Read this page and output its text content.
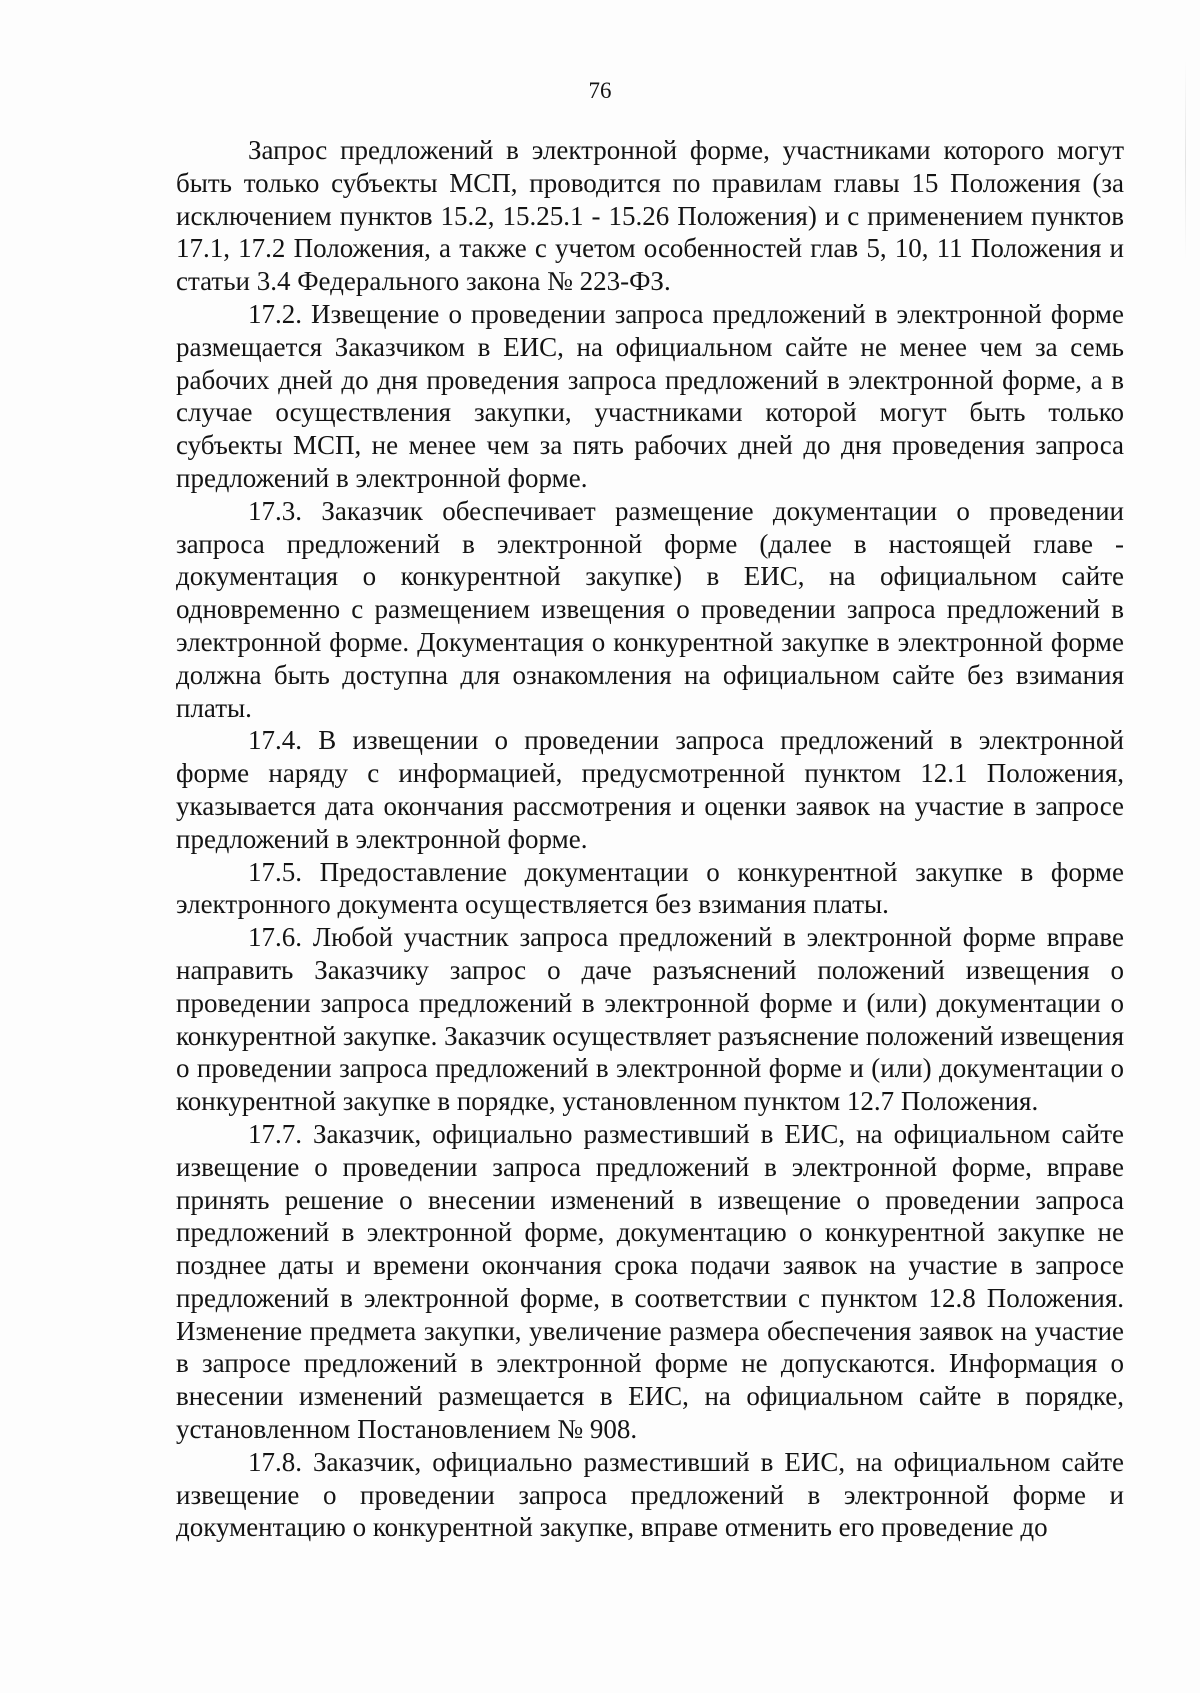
76

Запрос предложений в электронной форме, участниками которого могут быть только субъекты МСП, проводится по правилам главы 15 Положения (за исключением пунктов 15.2, 15.25.1 - 15.26 Положения) и с применением пунктов 17.1, 17.2 Положения, а также с учетом особенностей глав 5, 10, 11 Положения и статьи 3.4 Федерального закона № 223-ФЗ.

17.2. Извещение о проведении запроса предложений в электронной форме размещается Заказчиком в ЕИС, на официальном сайте не менее чем за семь рабочих дней до дня проведения запроса предложений в электронной форме, а в случае осуществления закупки, участниками которой могут быть только субъекты МСП, не менее чем за пять рабочих дней до дня проведения запроса предложений в электронной форме.

17.3. Заказчик обеспечивает размещение документации о проведении запроса предложений в электронной форме (далее в настоящей главе - документация о конкурентной закупке) в ЕИС, на официальном сайте одновременно с размещением извещения о проведении запроса предложений в электронной форме. Документация о конкурентной закупке в электронной форме должна быть доступна для ознакомления на официальном сайте без взимания платы.

17.4. В извещении о проведении запроса предложений в электронной форме наряду с информацией, предусмотренной пунктом 12.1 Положения, указывается дата окончания рассмотрения и оценки заявок на участие в запросе предложений в электронной форме.

17.5. Предоставление документации о конкурентной закупке в форме электронного документа осуществляется без взимания платы.

17.6. Любой участник запроса предложений в электронной форме вправе направить Заказчику запрос о даче разъяснений положений извещения о проведении запроса предложений в электронной форме и (или) документации о конкурентной закупке. Заказчик осуществляет разъяснение положений извещения о проведении запроса предложений в электронной форме и (или) документации о конкурентной закупке в порядке, установленном пунктом 12.7 Положения.

17.7. Заказчик, официально разместивший в ЕИС, на официальном сайте извещение о проведении запроса предложений в электронной форме, вправе принять решение о внесении изменений в извещение о проведении запроса предложений в электронной форме, документацию о конкурентной закупке не позднее даты и времени окончания срока подачи заявок на участие в запросе предложений в электронной форме, в соответствии с пунктом 12.8 Положения. Изменение предмета закупки, увеличение размера обеспечения заявок на участие в запросе предложений в электронной форме не допускаются. Информация о внесении изменений размещается в ЕИС, на официальном сайте в порядке, установленном Постановлением № 908.

17.8. Заказчик, официально разместивший в ЕИС, на официальном сайте извещение о проведении запроса предложений в электронной форме и документацию о конкурентной закупке, вправе отменить его проведение до
